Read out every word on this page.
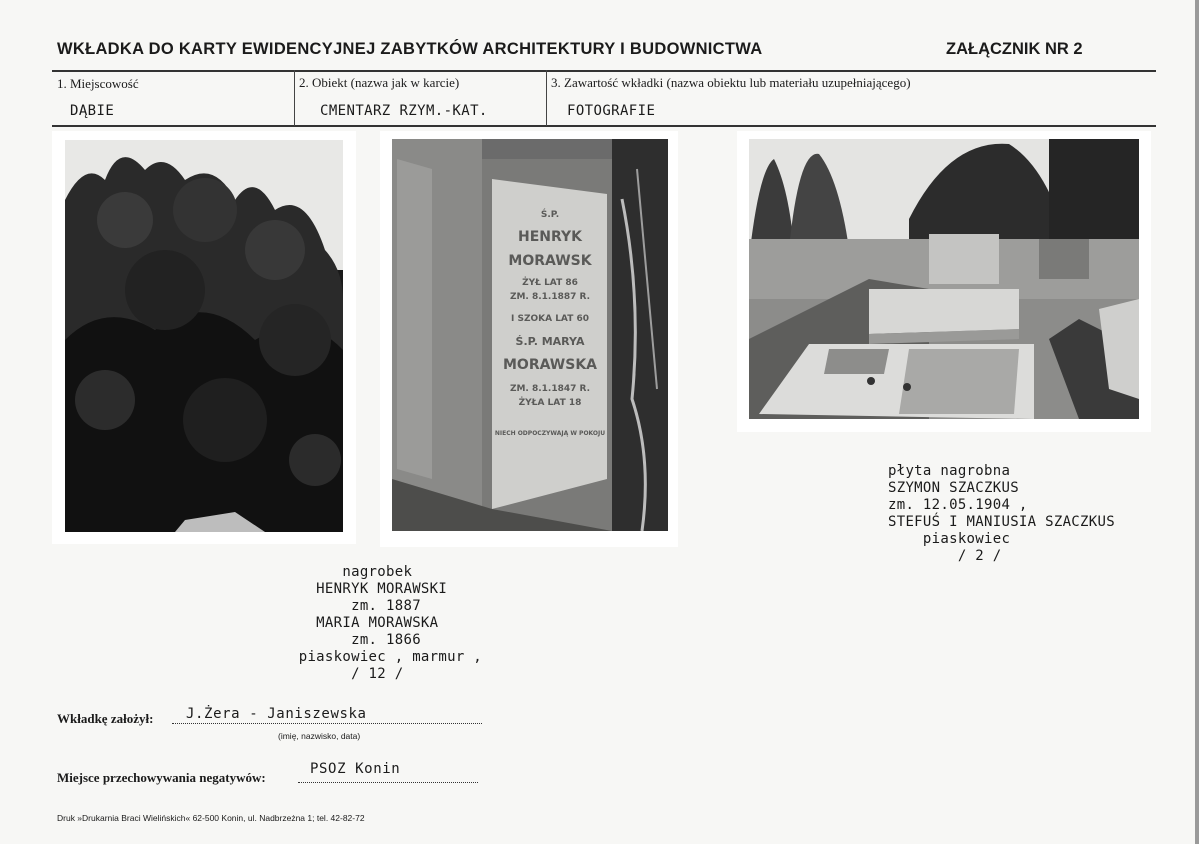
WKŁADKA DO KARTY EWIDENCYJNEJ ZABYTKÓW ARCHITEKTURY I BUDOWNICTWA	ZAŁĄCZNIK NR 2
1. Miejscowość
DĄBIE
2. Obiekt (nazwa jak w karcie)
CMENTARZ RZYM.-KAT.
3. Zawartość wkładki (nazwa obiektu lub materiału uzupełniającego)
FOTOGRAFIE
Ś.P.
HENRYK
MORAWSK
ŻYŁ LAT 86
ZM. 8.1.1887 R.
I SZOKA LAT 60
Ś.P. MARYA
MORAWSKA
ZM. 8.1.1847 R.
ŻYŁA LAT 18
NIECH ODPOCZYWAJĄ W POKOJU
płyta nagrobna
SZYMON SZACZKUS
zm. 12.05.1904 ,
STEFUŚ I MANIUSIA SZACZKUS
piaskowiec
/ 2 /
nagrobek
HENRYK MORAWSKI
zm. 1887
MARIA MORAWSKA
zm. 1866
piaskowiec , marmur ,
/ 12 /
Wkładkę założył: J.Żera - Janiszewska
(imię, nazwisko, data)
Miejsce przechowywania negatywów:
PSOZ Konin
Druk »Drukarnia Braci Wielińskich« 62-500 Konin, ul. Nadbrzeżna 1; tel. 42-82-72
